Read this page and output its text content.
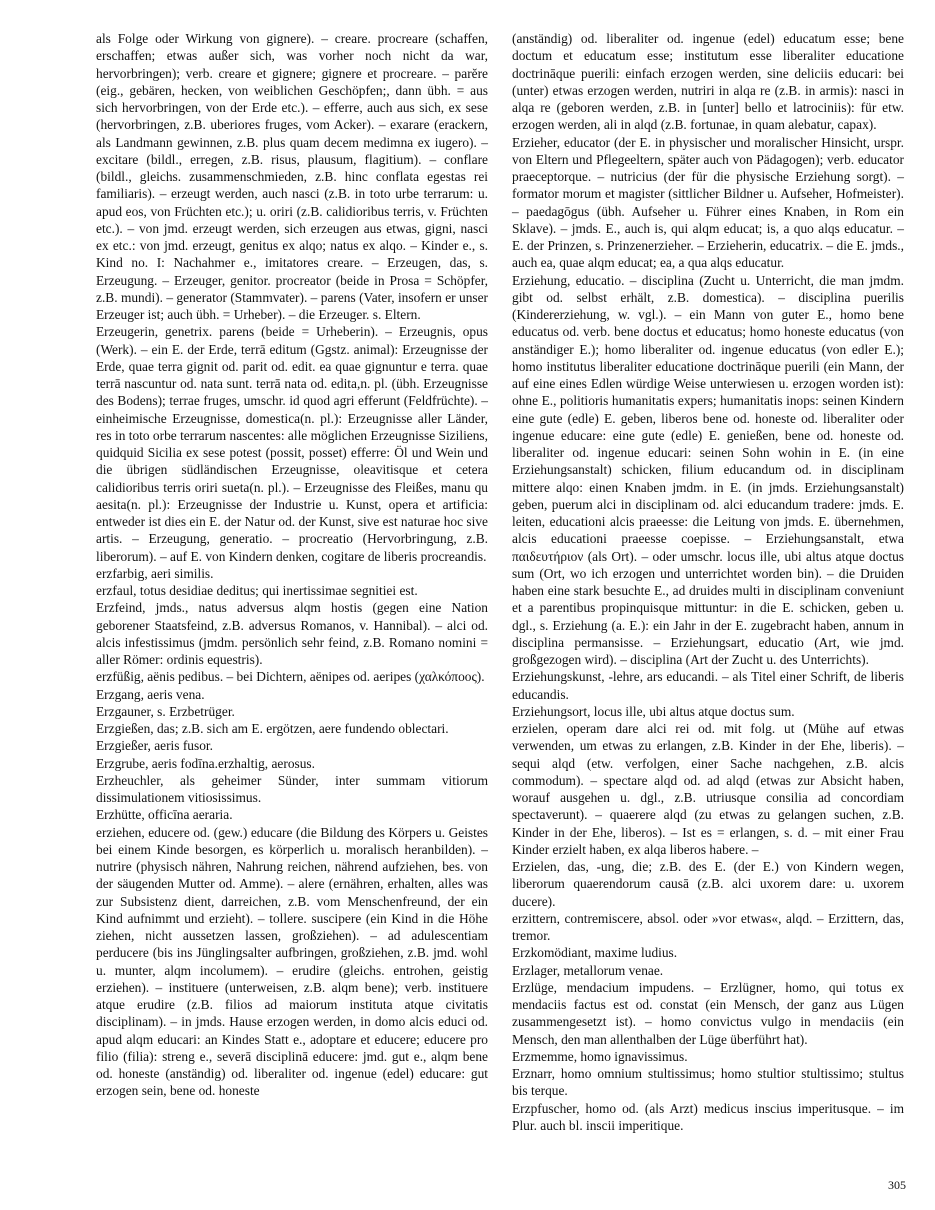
als Folge oder Wirkung von gignere). – creare. procreare (schaffen, erschaffen; etwas außer sich, was vorher noch nicht da war, hervorbringen); verb. creare et gignere; gignere et procreare. – parĕre (eig., gebären, hecken, von weiblichen Geschöpfen;, dann übh. = aus sich hervorbringen, von der Erde etc.). – efferre, auch aus sich, ex sese (hervorbringen, z.B. uberiores fruges, vom Acker). – exarare (erackern, als Landmann gewinnen, z.B. plus quam decem medimna ex iugero). – excitare (bildl., erregen, z.B. risus, plausum, flagitium). – conflare (bildl., gleichs. zusammenschmieden, z.B. hinc conflata egestas rei familiaris). – erzeugt werden, auch nasci (z.B. in toto urbe terrarum: u. apud eos, von Früchten etc.); u. oriri (z.B. calidioribus terris, v. Früchten etc.). – von jmd. erzeugt werden, sich erzeugen aus etwas, gigni, nasci ex etc.: von jmd. erzeugt, genitus ex alqo; natus ex alqo. – Kinder e., s. Kind no. I: Nachahmer e., imitatores creare. – Erzeugen, das, s. Erzeugung. – Erzeuger, genitor. procreator (beide in Prosa = Schöpfer, z.B. mundi). – generator (Stammvater). – parens (Vater, insofern er unser Erzeuger ist; auch übh. = Urheber). – die Erzeuger. s. Eltern.

Erzeugerin, genetrix. parens (beide = Urheberin). – Erzeugnis, opus (Werk). – ein E. der Erde, terrā editum (Ggstz. animal): Erzeugnisse der Erde, quae terra gignit od. parit od. edit. ea quae gignuntur e terra. quae terrā nascuntur od. nata sunt. terrā nata od. edita,n. pl. (übh. Erzeugnisse des Bodens); terrae fruges, umschr. id quod agri efferunt (Feldfrüchte). – einheimische Erzeugnisse, domestica(n. pl.): Erzeugnisse aller Länder, res in toto orbe terrarum nascentes: alle möglichen Erzeugnisse Siziliens, quidquid Sicilia ex sese potest (possit, posset) efferre: Öl und Wein und die übrigen südländischen Erzeugnisse, oleavitisque et cetera calidioribus terris oriri sueta(n. pl.). – Erzeugnisse des Fleißes, manu qu aesita(n. pl.): Erzeugnisse der Industrie u. Kunst, opera et artificia: entweder ist dies ein E. der Natur od. der Kunst, sive est naturae hoc sive artis. – Erzeugung, generatio. – procreatio (Hervorbringung, z.B. liberorum). – auf E. von Kindern denken, cogitare de liberis procreandis.

erzfarbig, aeri similis.

erzfaul, totus desidiae deditus; qui inertissimae segnitiei est.

Erzfeind, jmds., natus adversus alqm hostis (gegen eine Nation geborener Staatsfeind, z.B. adversus Romanos, v. Hannibal). – alci od. alcis infestissimus (jmdm. persönlich sehr feind, z.B. Romano nomini = aller Römer: ordinis equestris).

erzfüßig, aënis pedibus. – bei Dichtern, aënipes od. aeripes (χαλκόποος).

Erzgang, aeris vena.

Erzgauner, s. Erzbetrüger.

Erzgießen, das; z.B. sich am E. ergötzen, aere fundendo oblectari.

Erzgießer, aeris fusor.

Erzgrube, aeris fodīna.erzhaltig, aerosus.

Erzheuchler, als geheimer Sünder, inter summam vitiorum dissimulationem vitiosissimus.

Erzhütte, officīna aeraria.

erziehen, educere od. (gew.) educare (die Bildung des Körpers u. Geistes bei einem Kinde besorgen, es körperlich u. moralisch heranbilden). – nutrire (physisch nähren, Nahrung reichen, nährend aufziehen, bes. von der säugenden Mutter od. Amme). – alere (ernähren, erhalten, alles was zur Subsistenz dient, darreichen, z.B. vom Menschenfreund, der ein Kind aufnimmt und erzieht). – tollere. suscipere (ein Kind in die Höhe ziehen, nicht aussetzen lassen, großziehen). – ad adulescentiam perducere (bis ins Jünglingsalter aufbringen, großziehen, z.B. jmd. wohl u. munter, alqm incolumem). – erudire (gleichs. entrohen, geistig erziehen). – instituere (unterweisen, z.B. alqm bene); verb. instituere atque erudire (z.B. filios ad maiorum instituta atque civitatis disciplinam). – in jmds. Hause erzogen werden, in domo alcis educi od. apud alqm educari: an Kindes Statt e., adoptare et educere; educere pro filio (filia): streng e., severā disciplinā educere: jmd. gut e., alqm bene od. honeste (anständig) od. liberaliter od. ingenue (edel) educare: gut erzogen sein, bene od. honeste

(anständig) od. liberaliter od. ingenue (edel) educatum esse; bene doctum et educatum esse; institutum esse liberaliter educatione doctrināque puerili: einfach erzogen werden, sine deliciis educari: bei (unter) etwas erzogen werden, nutriri in alqa re (z.B. in armis): nasci in alqa re (geboren werden, z.B. in [unter] bello et latrociniis): für etw. erzogen werden, ali in alqd (z.B. fortunae, in quam alebatur, capax).

Erzieher, educator (der E. in physischer und moralischer Hinsicht, urspr. von Eltern und Pflegeeltern, später auch von Pädagogen); verb. educator praeceptorque. – nutricius (der für die physische Erziehung sorgt). – formator morum et magister (sittlicher Bildner u. Aufseher, Hofmeister). – paedagōgus (übh. Aufseher u. Führer eines Knaben, in Rom ein Sklave). – jmds. E., auch is, qui alqm educat; is, a quo alqs educatur. – E. der Prinzen, s. Prinzenerzieher. – Erzieherin, educatrix. – die E. jmds., auch ea, quae alqm educat; ea, a qua alqs educatur.

Erziehung, educatio. – disciplina (Zucht u. Unterricht, die man jmdm. gibt od. selbst erhält, z.B. domestica). – disciplina puerilis (Kindererziehung, w. vgl.). – ein Mann von guter E., homo bene educatus od. verb. bene doctus et educatus; homo honeste educatus (von anständiger E.); homo liberaliter od. ingenue educatus (von edler E.); homo institutus liberaliter educatione doctrināque puerili (ein Mann, der auf eine eines Edlen würdige Weise unterwiesen u. erzogen worden ist): ohne E., politioris humanitatis expers; humanitatis inops: seinen Kindern eine gute (edle) E. geben, liberos bene od. honeste od. liberaliter oder ingenue educare: eine gute (edle) E. genießen, bene od. honeste od. liberaliter od. ingenue educari: seinen Sohn wohin in E. (in eine Erziehungsanstalt) schicken, filium educandum od. in disciplinam mittere alqo: einen Knaben jmdm. in E. (in jmds. Erziehungsanstalt) geben, puerum alci in disciplinam od. alci educandum tradere: jmds. E. leiten, educationi alcis praeesse: die Leitung von jmds. E. übernehmen, alcis educationi praeesse coepisse. – Erziehungsanstalt, etwa παιδευτήριον (als Ort). – oder umschr. locus ille, ubi altus atque doctus sum (Ort, wo ich erzogen und unterrichtet worden bin). – die Druiden haben eine stark besuchte E., ad druides multi in disciplinam conveniunt et a parentibus propinquisque mittuntur: in die E. schicken, geben u. dgl., s. Erziehung (a. E.): ein Jahr in der E. zugebracht haben, annum in disciplina permansisse. – Erziehungsart, educatio (Art, wie jmd. großgezogen wird). – disciplina (Art der Zucht u. des Unterrichts).

Erziehungskunst, -lehre, ars educandi. – als Titel einer Schrift, de liberis educandis.

Erziehungsort, locus ille, ubi altus atque doctus sum.

erzielen, operam dare alci rei od. mit folg. ut (Mühe auf etwas verwenden, um etwas zu erlangen, z.B. Kinder in der Ehe, liberis). – sequi alqd (etw. verfolgen, einer Sache nachgehen, z.B. alcis commodum). – spectare alqd od. ad alqd (etwas zur Absicht haben, worauf ausgehen u. dgl., z.B. utriusque consilia ad concordiam spectaverunt). – quaerere alqd (zu etwas zu gelangen suchen, z.B. Kinder in der Ehe, liberos). – Ist es = erlangen, s. d. – mit einer Frau Kinder erzielt haben, ex alqa liberos habere. –

Erzielen, das, -ung, die; z.B. des E. (der E.) von Kindern wegen, liberorum quaerendorum causā (z.B. alci uxorem dare: u. uxorem ducere).

erzittern, contremiscere, absol. oder »vor etwas«, alqd. – Erzittern, das, tremor.

Erzkomödiant, maxime ludius.

Erzlager, metallorum venae.

Erzlüge, mendacium impudens. – Erzlügner, homo, qui totus ex mendaciis factus est od. constat (ein Mensch, der ganz aus Lügen zusammengesetzt ist). – homo convictus vulgo in mendaciis (ein Mensch, den man allenthalben der Lüge überführt hat).

Erzmemme, homo ignavissimus.

Erznarr, homo omnium stultissimus; homo stultior stultissimo; stultus bis terque.

Erzpfuscher, homo od. (als Arzt) medicus inscius imperitusque. – im Plur. auch bl. inscii imperitique.

305
